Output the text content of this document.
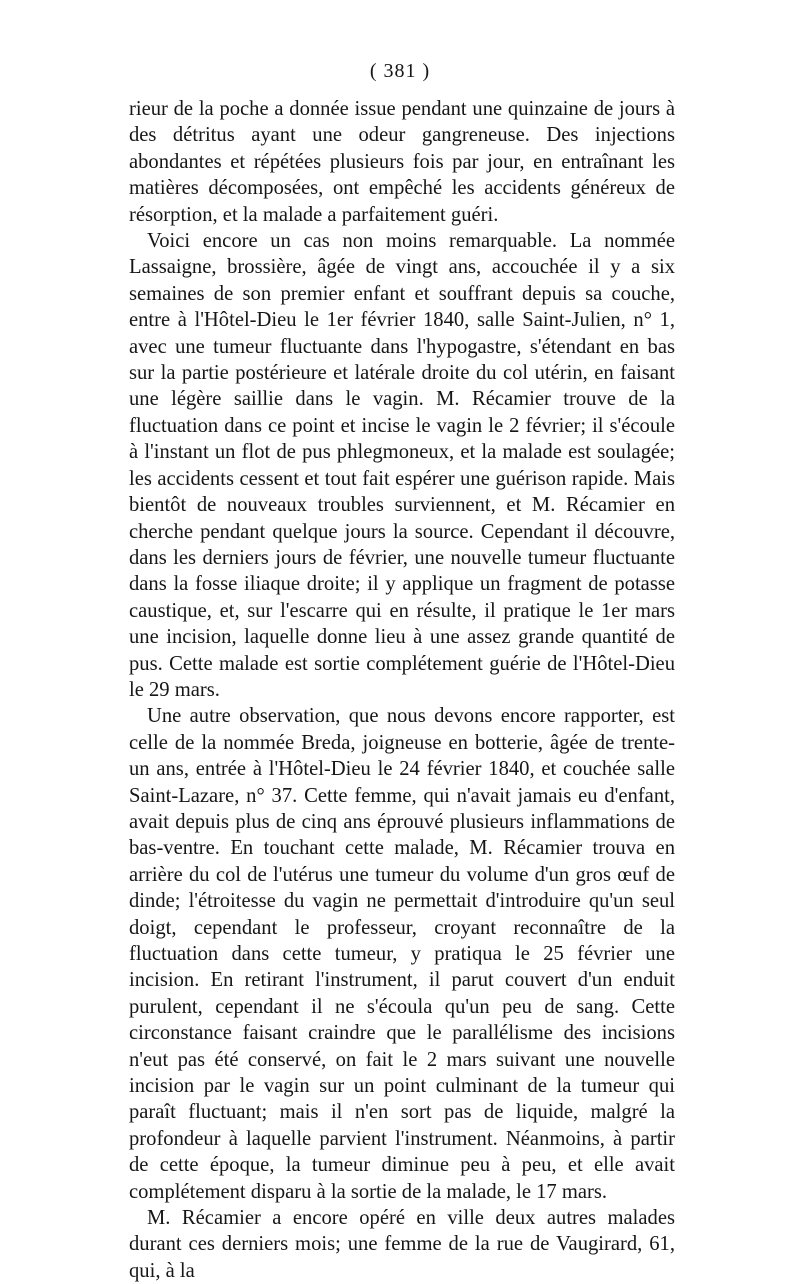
( 381 )

rieur de la poche a donnée issue pendant une quinzaine de jours à des détritus ayant une odeur gangreneuse. Des injections abondantes et répétées plusieurs fois par jour, en entraînant les matières décomposées, ont empêché les accidents généreux de résorption, et la malade a parfaitement guéri.

Voici encore un cas non moins remarquable. La nommée Lassaigne, brossière, âgée de vingt ans, accouchée il y a six semaines de son premier enfant et souffrant depuis sa couche, entre à l'Hôtel-Dieu le 1er février 1840, salle Saint-Julien, n° 1, avec une tumeur fluctuante dans l'hypogastre, s'étendant en bas sur la partie postérieure et latérale droite du col utérin, en faisant une légère saillie dans le vagin. M. Récamier trouve de la fluctuation dans ce point et incise le vagin le 2 février; il s'écoule à l'instant un flot de pus phlegmoneux, et la malade est soulagée; les accidents cessent et tout fait espérer une guérison rapide. Mais bientôt de nouveaux troubles surviennent, et M. Récamier en cherche pendant quelque jours la source. Cependant il découvre, dans les derniers jours de février, une nouvelle tumeur fluctuante dans la fosse iliaque droite; il y applique un fragment de potasse caustique, et, sur l'escarre qui en résulte, il pratique le 1er mars une incision, laquelle donne lieu à une assez grande quantité de pus. Cette malade est sortie complétement guérie de l'Hôtel-Dieu le 29 mars.

Une autre observation, que nous devons encore rapporter, est celle de la nommée Breda, joigneuse en botterie, âgée de trente-un ans, entrée à l'Hôtel-Dieu le 24 février 1840, et couchée salle Saint-Lazare, n° 37. Cette femme, qui n'avait jamais eu d'enfant, avait depuis plus de cinq ans éprouvé plusieurs inflammations de bas-ventre. En touchant cette malade, M. Récamier trouva en arrière du col de l'utérus une tumeur du volume d'un gros œuf de dinde; l'étroitesse du vagin ne permettait d'introduire qu'un seul doigt, cependant le professeur, croyant reconnaître de la fluctuation dans cette tumeur, y pratiqua le 25 février une incision. En retirant l'instrument, il parut couvert d'un enduit purulent, cependant il ne s'écoula qu'un peu de sang. Cette circonstance faisant craindre que le parallélisme des incisions n'eut pas été conservé, on fait le 2 mars suivant une nouvelle incision par le vagin sur un point culminant de la tumeur qui paraît fluctuant; mais il n'en sort pas de liquide, malgré la profondeur à laquelle parvient l'instrument. Néanmoins, à partir de cette époque, la tumeur diminue peu à peu, et elle avait complétement disparu à la sortie de la malade, le 17 mars.

M. Récamier a encore opéré en ville deux autres malades durant ces derniers mois; une femme de la rue de Vaugirard, 61, qui, à la
